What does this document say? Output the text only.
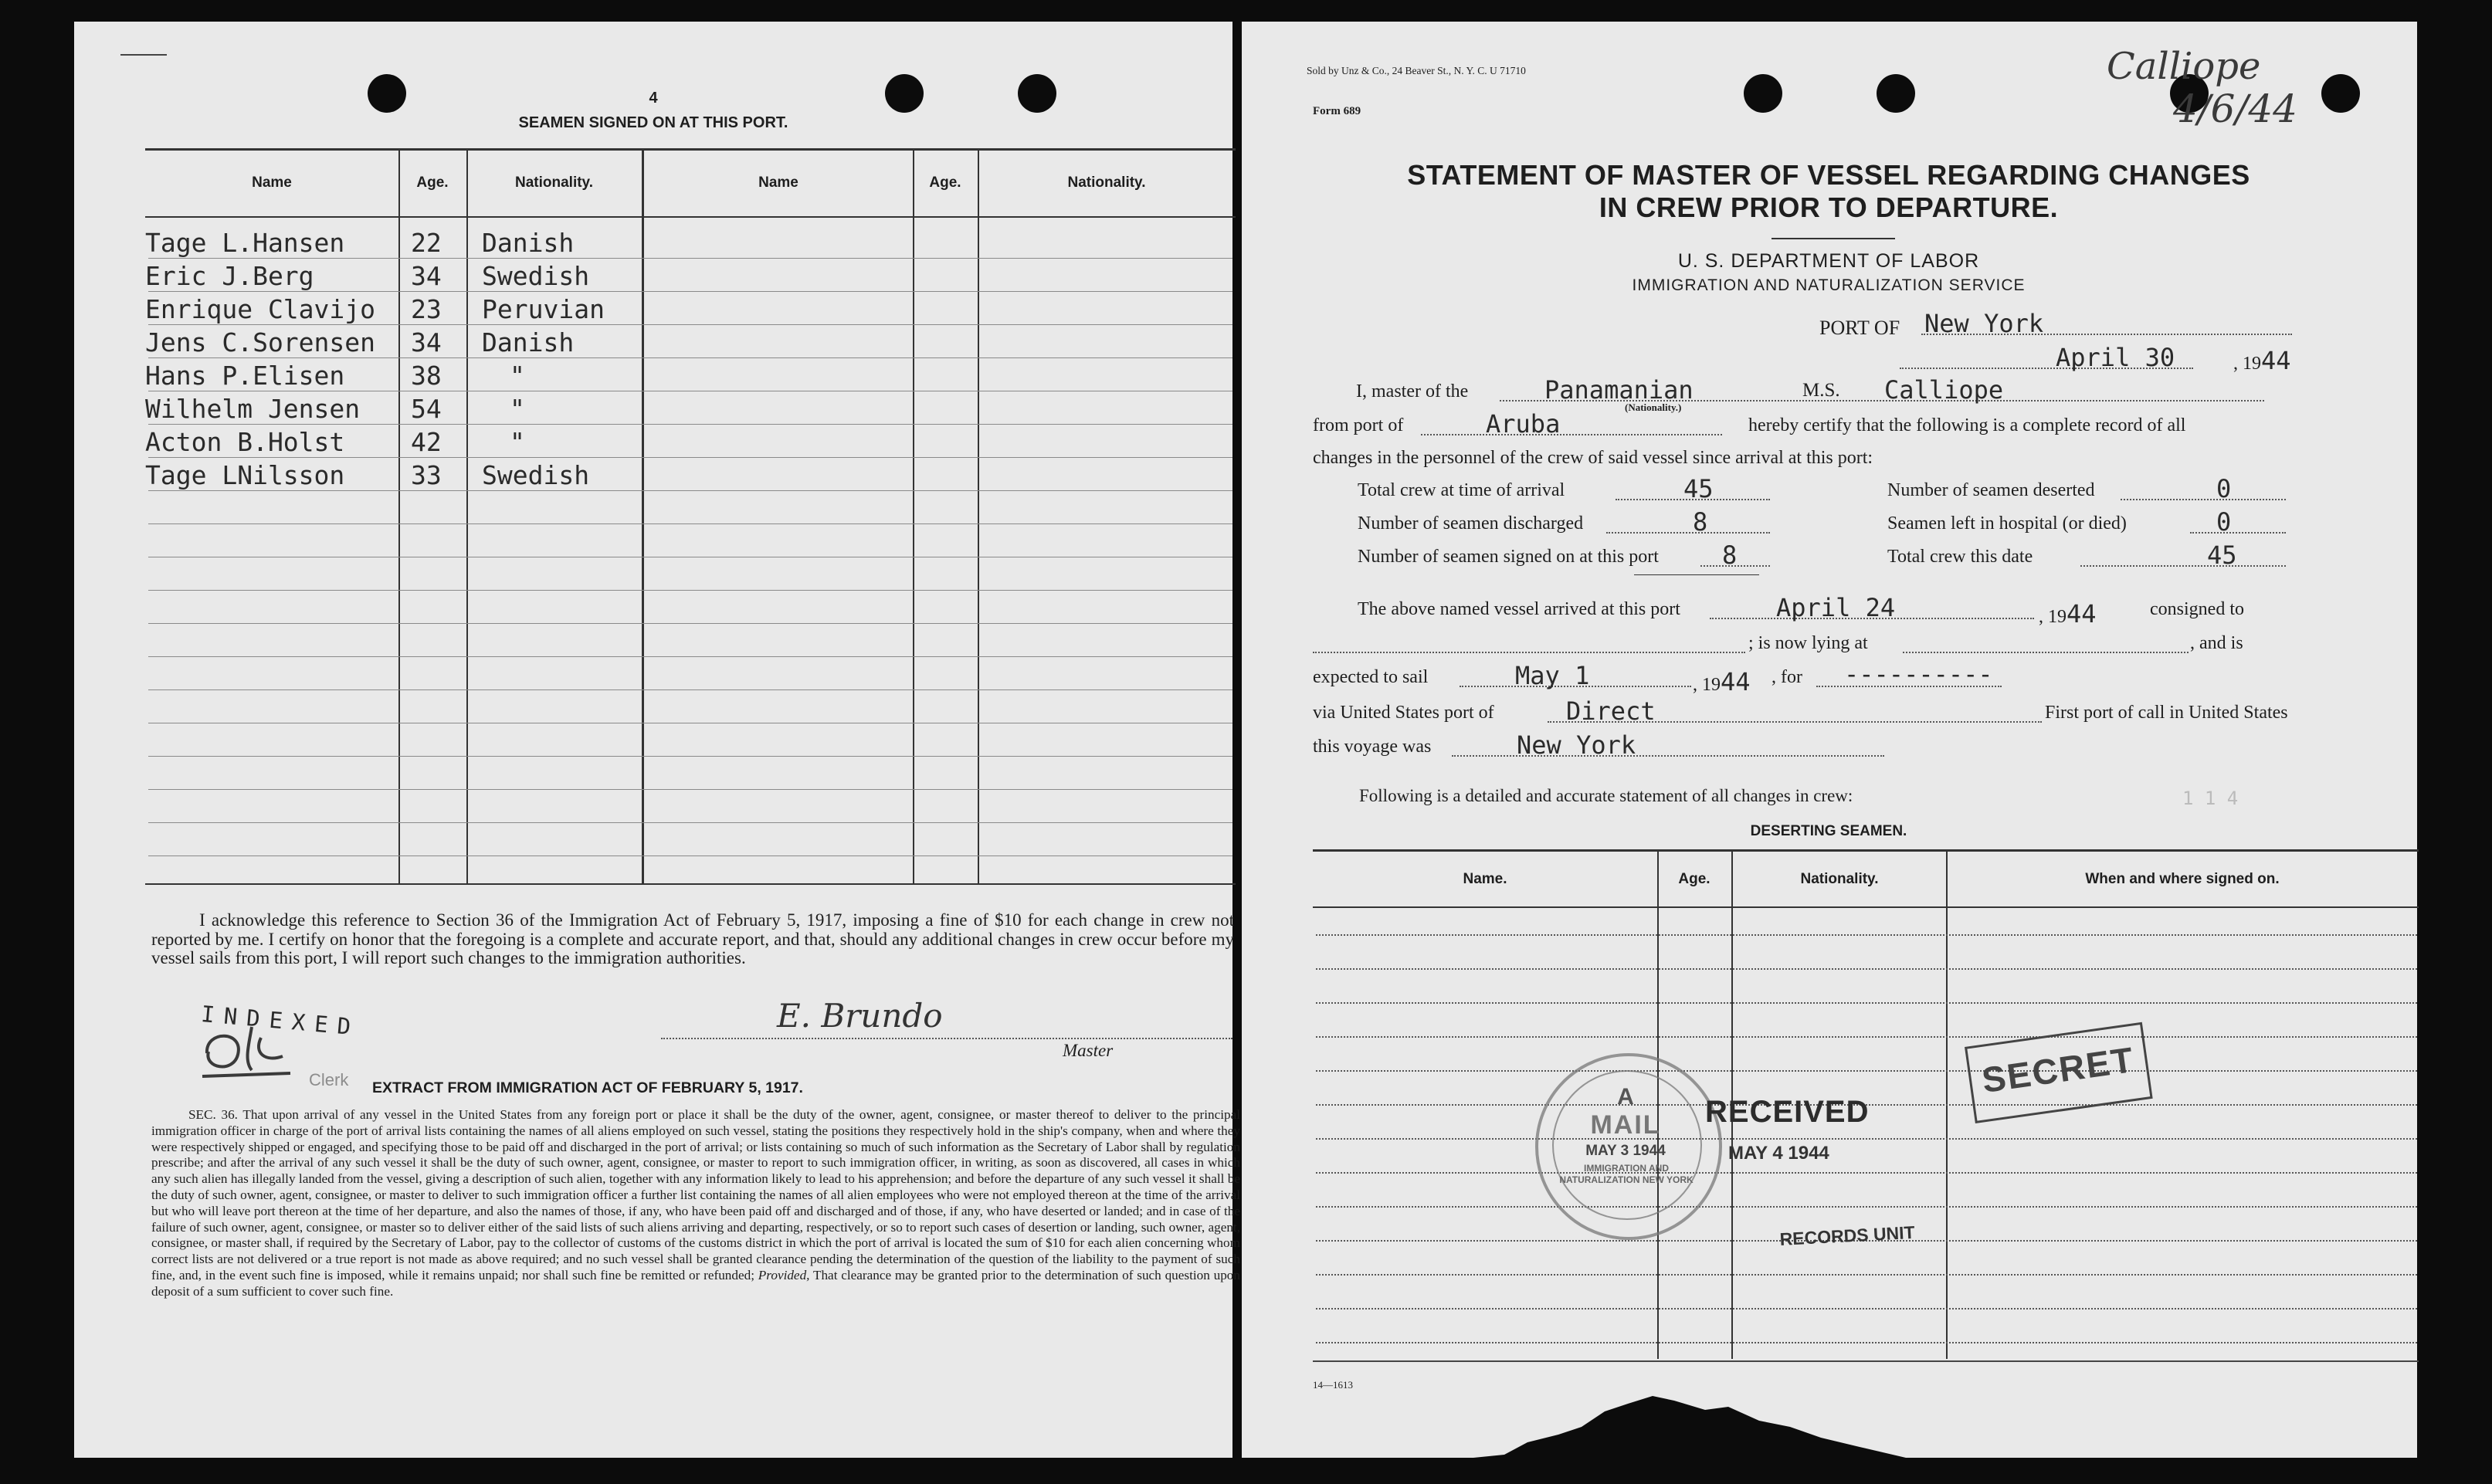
4
SEAMEN SIGNED ON AT THIS PORT.
Name	Age.	Nationality.	Name	Age.	Nationality.
Tage L.Hansen	22 Danish
Eric J.Berg	34 Swedish
Enrique Clavijo 23 Peruvian
Jens C.Sorensen 34 Danish
Hans P.Elisen	38	"
Wilhelm Jensen 54	"
Acton B.Holst	42	"
Tage LNilsson	33 Swedish
I acknowledge this reference to Section 36 of the Immigration Act of February 5, 1917, imposing a fine of $10 for each change in crew not reported by me. I certify on honor that the foregoing is a complete and accurate report, and that, should any additional changes in crew occur before my vessel sails from this port, I will report such changes to the immigration authorities.
INDEXED
Clerk
E. Brundo
Master
EXTRACT FROM IMMIGRATION ACT OF FEBRUARY 5, 1917.
SEC. 36. That upon arrival of any vessel in the United States from any foreign port or place it shall be the duty of the owner, agent, consignee, or master thereof to deliver to the principal immigration officer in charge of the port of arrival lists containing the names of all aliens employed on such vessel, stating the positions they respectively hold in the ship's company, when and where they were respectively shipped or engaged, and specifying those to be paid off and discharged in the port of arrival; or lists containing so much of such information as the Secretary of Labor shall by regulation prescribe; and after the arrival of any such vessel it shall be the duty of such owner, agent, consignee, or master to report to such immigration officer, in writing, as soon as discovered, all cases in which any such alien has illegally landed from the vessel, giving a description of such alien, together with any information likely to lead to his apprehension; and before the departure of any such vessel it shall be the duty of such owner, agent, consignee, or master to deliver to such immigration officer a further list containing the names of all alien employees who were not employed thereon at the time of the arrival but who will leave port thereon at the time of her departure, and also the names of those, if any, who have been paid off and discharged and of those, if any, who have deserted or landed; and in case of the failure of such owner, agent, consignee, or master so to deliver either of the said lists of such aliens arriving and departing, respectively, or so to report such cases of desertion or landing, such owner, agent, consignee, or master shall, if required by the Secretary of Labor, pay to the collector of customs of the customs district in which the port of arrival is located the sum of $10 for each alien concerning whom correct lists are not delivered or a true report is not made as above required; and no such vessel shall be granted clearance pending the determination of the question of the liability to the payment of such fine, and, in the event such fine is imposed, while it remains unpaid; nor shall such fine be remitted or refunded; Provided, That clearance may be granted prior to the determination of such question upon deposit of a sum sufficient to cover such fine.
Sold by Unz & Co., 24 Beaver St., N. Y. C. U 71710
Form 689
Calliope
4/6/44
STATEMENT OF MASTER OF VESSEL REGARDING CHANGES
IN CREW PRIOR TO DEPARTURE.
U. S. DEPARTMENT OF LABOR
IMMIGRATION AND NATURALIZATION SERVICE
PORT OF New York
April 30	, 1944
I, master of the	Panamanian
(Nationality.)
M.S. Calliope
from port of	Aruba	hereby certify that the following is a complete record of all
changes in the personnel of the crew of said vessel since arrival at this port:
Total crew at time of arrival	45	Number of seamen deserted	0
Number of seamen discharged	8	Seamen left in hospital (or died)	0
Number of seamen signed on at this port	8	Total crew this date	45
The above named vessel arrived at this port	April 24	, 1944	consigned to
; is now lying at	, and is
expected to sail	May 1	, 1944 , for ----------
via United States port of	Direct	First port of call in United States
this voyage was	New York
Following is a detailed and accurate statement of all changes in crew:	1 1 4
DESERTING SEAMEN.
Name.	Age.	Nationality.	When and where signed on.
A
MAIL
MAY 3 1944
IMMIGRATION AND NATURALIZATION NEW YORK
RECEIVED
MAY 4 1944
RECORDS UNIT
SECRET
14—1613
